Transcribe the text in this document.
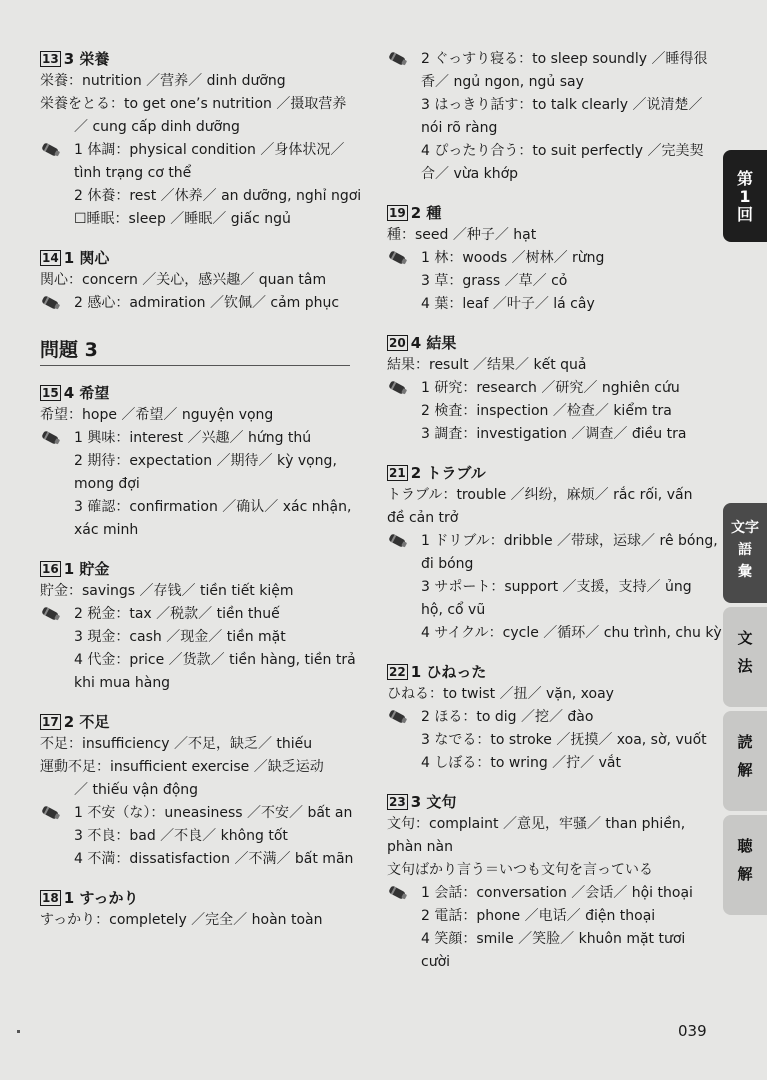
13 3 栄養
栄養：nutrition ／营养／ dinh dưỡng
栄養をとる：to get one’s nutrition ／摄取营养
／ cung cấp dinh dưỡng
1 体調：physical condition ／身体状况／
tình trạng cơ thể
2 休養：rest ／休养／ an dưỡng, nghỉ ngơi
☐睡眠：sleep ／睡眠／ giấc ngủ
14 1 関心
関心：concern ／关心，感兴趣／ quan tâm
2 感心：admiration ／钦佩／ cảm phục
問題 3
15 4 希望
希望：hope ／希望／ nguyện vọng
1 興味：interest ／兴趣／ hứng thú
2 期待：expectation ／期待／ kỳ vọng,
mong đợi
3 確認：confirmation ／确认／ xác nhận,
xác minh
16 1 貯金
貯金：savings ／存钱／ tiền tiết kiệm
2 税金：tax ／税款／ tiền thuế
3 現金：cash ／现金／ tiền mặt
4 代金：price ／货款／ tiền hàng, tiền trả
khi mua hàng
17 2 不足
不足：insufficiency ／不足，缺乏／ thiếu
運動不足：insufficient exercise ／缺乏运动
／ thiếu vận động
1 不安（な）：uneasiness ／不安／ bất an
3 不良：bad ／不良／ không tốt
4 不満：dissatisfaction ／不满／ bất mãn
18 1 すっかり
すっかり：completely ／完全／ hoàn toàn
2 ぐっすり寝る：to sleep soundly ／睡得很
香／ ngủ ngon, ngủ say
3 はっきり話す：to talk clearly ／说清楚／
nói rõ ràng
4 ぴったり合う：to suit perfectly ／完美契
合／ vừa khớp
19 2 種
種：seed ／种子／ hạt
1 林：woods ／树林／ rừng
3 草：grass ／草／ cỏ
4 葉：leaf ／叶子／ lá cây
20 4 結果
結果：result ／结果／ kết quả
1 研究：research ／研究／ nghiên cứu
2 検査：inspection ／检查／ kiểm tra
3 調査：investigation ／调查／ điều tra
21 2 トラブル
トラブル：trouble ／纠纷，麻烦／ rắc rối, vấn
đề cản trở
1 ドリブル：dribble ／带球，运球／ rê bóng,
đi bóng
3 サポート：support ／支援，支持／ ủng
hộ, cổ vũ
4 サイクル：cycle ／循环／ chu trình, chu kỳ
22 1 ひねった
ひねる：to twist ／扭／ vặn, xoay
2 ほる：to dig ／挖／ đào
3 なでる：to stroke ／抚摸／ xoa, sờ, vuốt
4 しぼる：to wring ／拧／ vắt
23 3 文句
文句：complaint ／意见，牢骚／ than phiền,
phàn nàn
文句ばかり言う＝いつも文句を言っている
1 会話：conversation ／会话／ hội thoại
2 電話：phone ／电话／ điện thoại
4 笑顔：smile ／笑脸／ khuôn mặt tươi
cười
第
1
回
文字
語
彙
文
法
読
解
聴
解
039
